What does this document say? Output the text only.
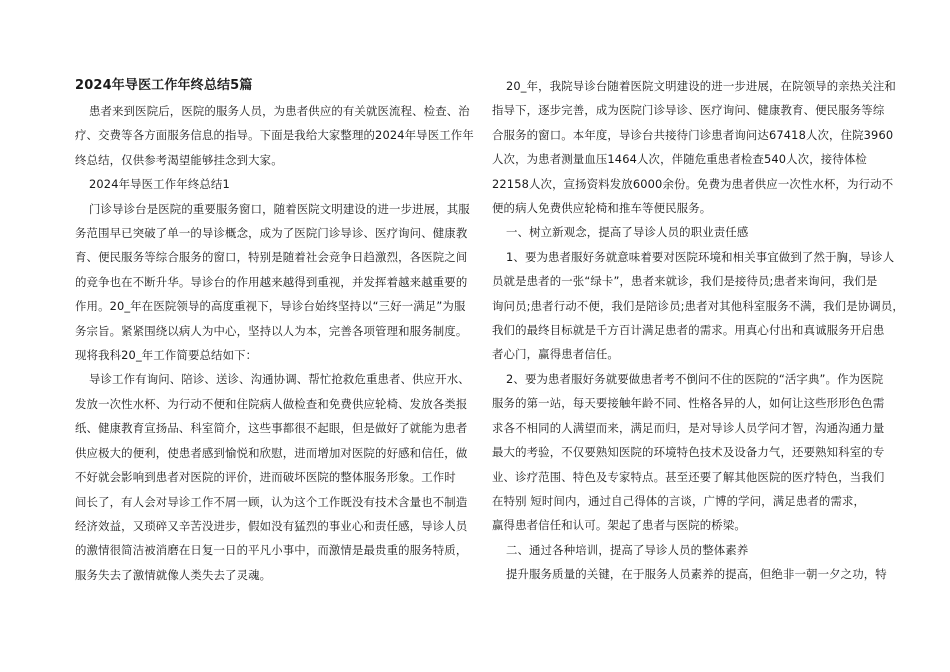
2024年导医工作年终总结5篇
患者来到医院后，医院的服务人员，为患者供应的有关就医流程、检查、治
疗、交费等各方面服务信息的指导。下面是我给大家整理的2024年导医工作年
终总结，仅供参考渴望能够挂念到大家。
2024年导医工作年终总结1
门诊导诊台是医院的重要服务窗口，随着医院文明建设的进一步进展，其服
务范围早已突破了单一的导诊概念，成为了医院门诊导诊、医疗询问、健康教
育、便民服务等综合服务的窗口，特别是随着社会竞争日趋激烈，各医院之间
的竞争也在不断升华。导诊台的作用越来越得到重视，并发挥着越来越重要的
作用。20_年在医院领导的高度重视下，导诊台始终坚持以“三好一满足”为服
务宗旨。紧紧围绕以病人为中心，坚持以人为本，完善各项管理和服务制度。
现将我科20_年工作简要总结如下：
导诊工作有询问、陪诊、送诊、沟通协调、帮忙抢救危重患者、供应开水、
发放一次性水杯、为行动不便和住院病人做检查和免费供应轮椅、发放各类报
纸、健康教育宣扬品、科室简介，这些事都很不起眼，但是做好了就能为患者
供应极大的便利，使患者感到愉悦和欣慰，进而增加对医院的好感和信任，做
不好就会影响到患者对医院的评价，进而破坏医院的整体服务形象。工作时
间长了，有人会对导诊工作不屑一顾，认为这个工作既没有技术含量也不制造
经济效益，又琐碎又辛苦没进步，假如没有猛烈的事业心和责任感，导诊人员
的激情很简洁被消磨在日复一日的平凡小事中，而激情是最贵重的服务特质，
服务失去了激情就像人类失去了灵魂。
20_年，我院导诊台随着医院文明建设的进一步进展，在院领导的亲热关注和
指导下，逐步完善，成为医院门诊导诊、医疗询问、健康教育、便民服务等综
合服务的窗口。本年度，导诊台共接待门诊患者询问达67418人次，住院3960
人次，为患者测量血压1464人次，伴随危重患者检查540人次，接待体检
22158人次，宣扬资料发放6000余份。免费为患者供应一次性水杯，为行动不
便的病人免费供应轮椅和推车等便民服务。
一、树立新观念，提高了导诊人员的职业责任感
1、要为患者服好务就意味着要对医院环境和相关事宜做到了然于胸，导诊人
员就是患者的一张“绿卡”，患者来就诊，我们是接待员;患者来询问，我们是
询问员;患者行动不便，我们是陪诊员;患者对其他科室服务不满，我们是协调员，
我们的最终目标就是千方百计满足患者的需求。用真心付出和真诚服务开启患
者心门，赢得患者信任。
2、要为患者服好务就要做患者考不倒问不住的医院的“活字典”。作为医院
服务的第一站，每天要接触年龄不同、性格各异的人，如何让这些形形色色需
求各不相同的人满望而来，满足而归，是对导诊人员学问才智，沟通沟通力量
最大的考验，不仅要熟知医院的环境特色技术及设备力气，还要熟知科室的专
业、诊疗范围、特色及专家特点。甚至还要了解其他医院的医疗特色，当我们
在特别 短时间内，通过自己得体的言谈，广博的学问，满足患者的需求，
赢得患者信任和认可。架起了患者与医院的桥梁。
二、通过各种培训，提高了导诊人员的整体素养
提升服务质量的关键，在于服务人员素养的提高，但绝非一朝一夕之功，特
